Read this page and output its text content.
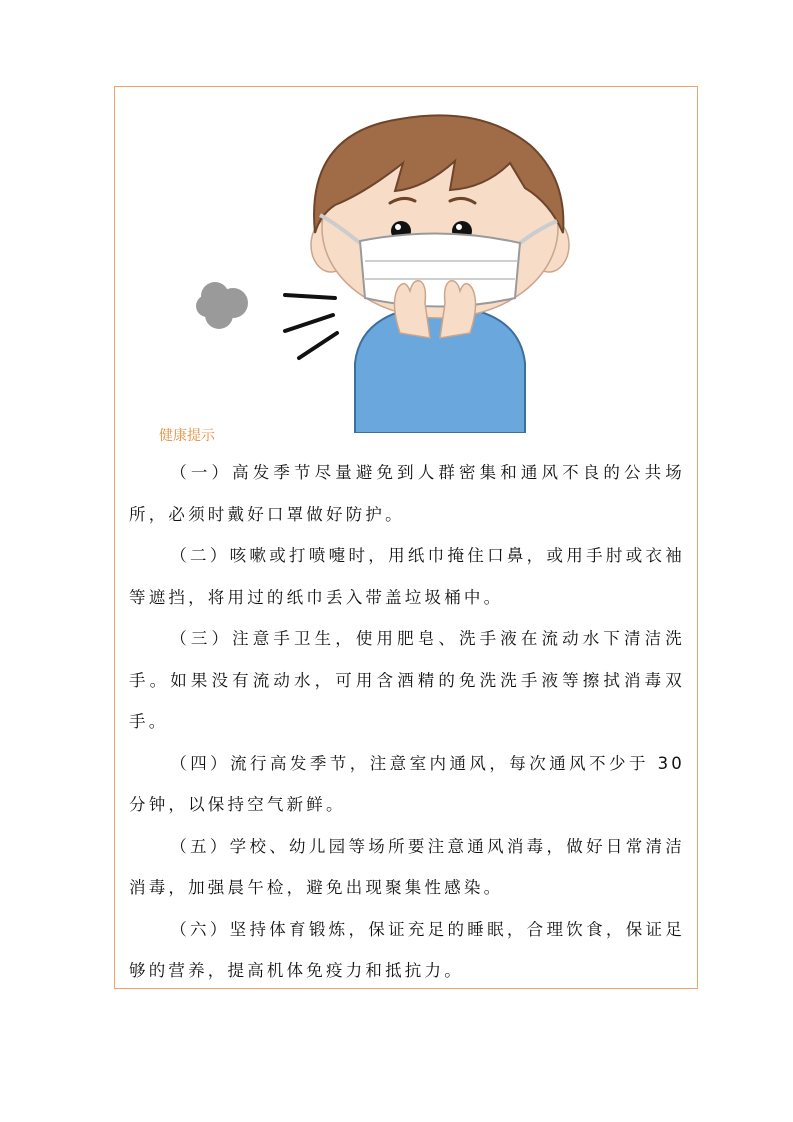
健康提示

（一）高发季节尽量避免到人群密集和通风不良的公共场所，必须时戴好口罩做好防护。

（二）咳嗽或打喷嚏时，用纸巾掩住口鼻，或用手肘或衣袖等遮挡，将用过的纸巾丢入带盖垃圾桶中。

（三）注意手卫生，使用肥皂、洗手液在流动水下清洁洗手。如果没有流动水，可用含酒精的免洗洗手液等擦拭消毒双手。

（四）流行高发季节，注意室内通风，每次通风不少于 30 分钟，以保持空气新鲜。

（五）学校、幼儿园等场所要注意通风消毒，做好日常清洁消毒，加强晨午检，避免出现聚集性感染。

（六）坚持体育锻炼，保证充足的睡眠，合理饮食，保证足够的营养，提高机体免疫力和抵抗力。
